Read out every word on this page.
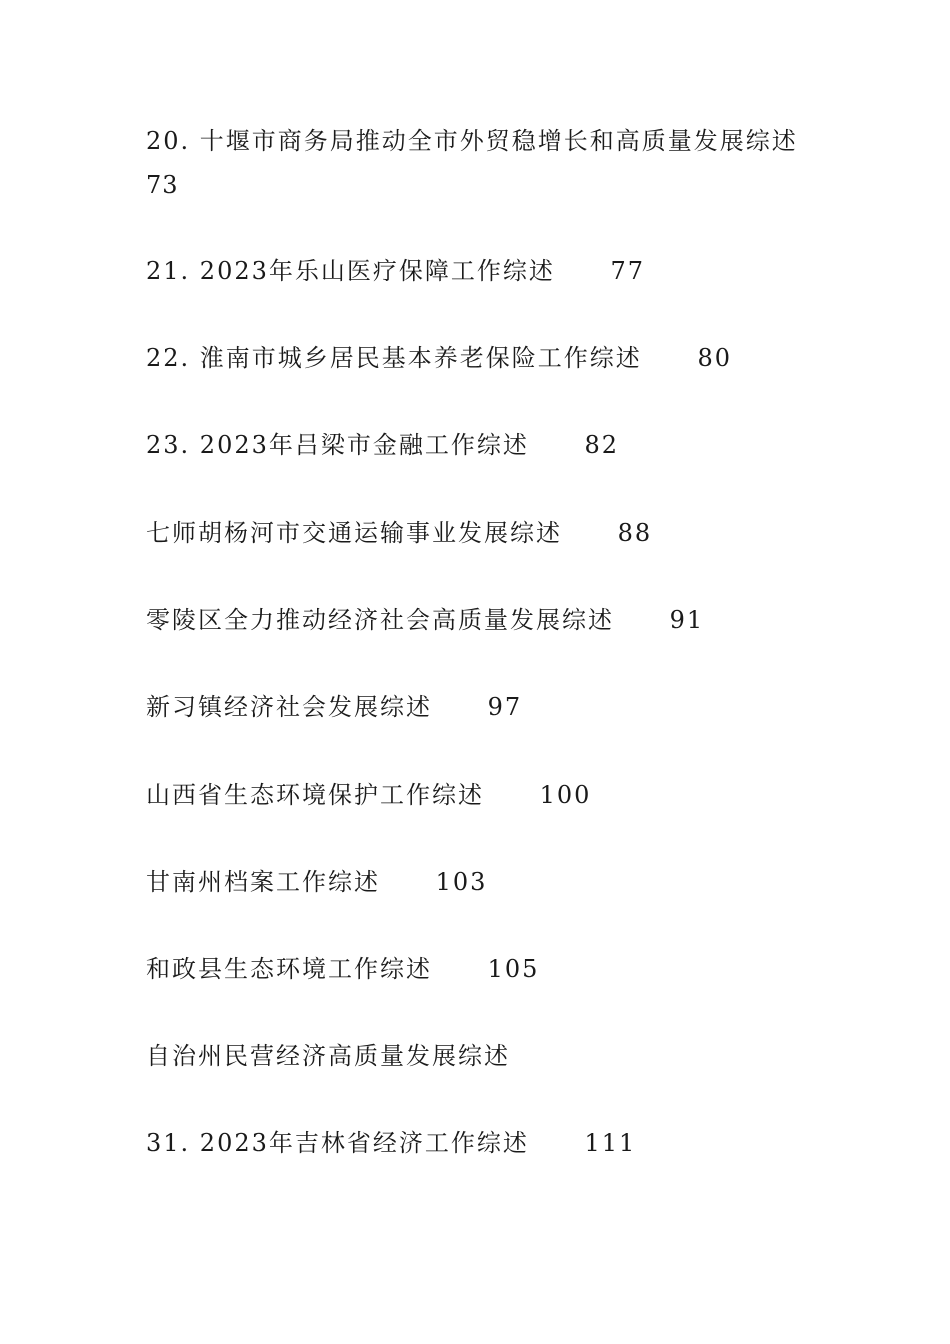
20. 十堰市商务局推动全市外贸稳增长和高质量发展综述
73
21. 2023年乐山医疗保障工作综述 77
22. 淮南市城乡居民基本养老保险工作综述 80
23. 2023年吕梁市金融工作综述 82
七师胡杨河市交通运输事业发展综述 88
零陵区全力推动经济社会高质量发展综述 91
新习镇经济社会发展综述 97
山西省生态环境保护工作综述 100
甘南州档案工作综述 103
和政县生态环境工作综述 105
自治州民营经济高质量发展综述
31. 2023年吉林省经济工作综述 111
